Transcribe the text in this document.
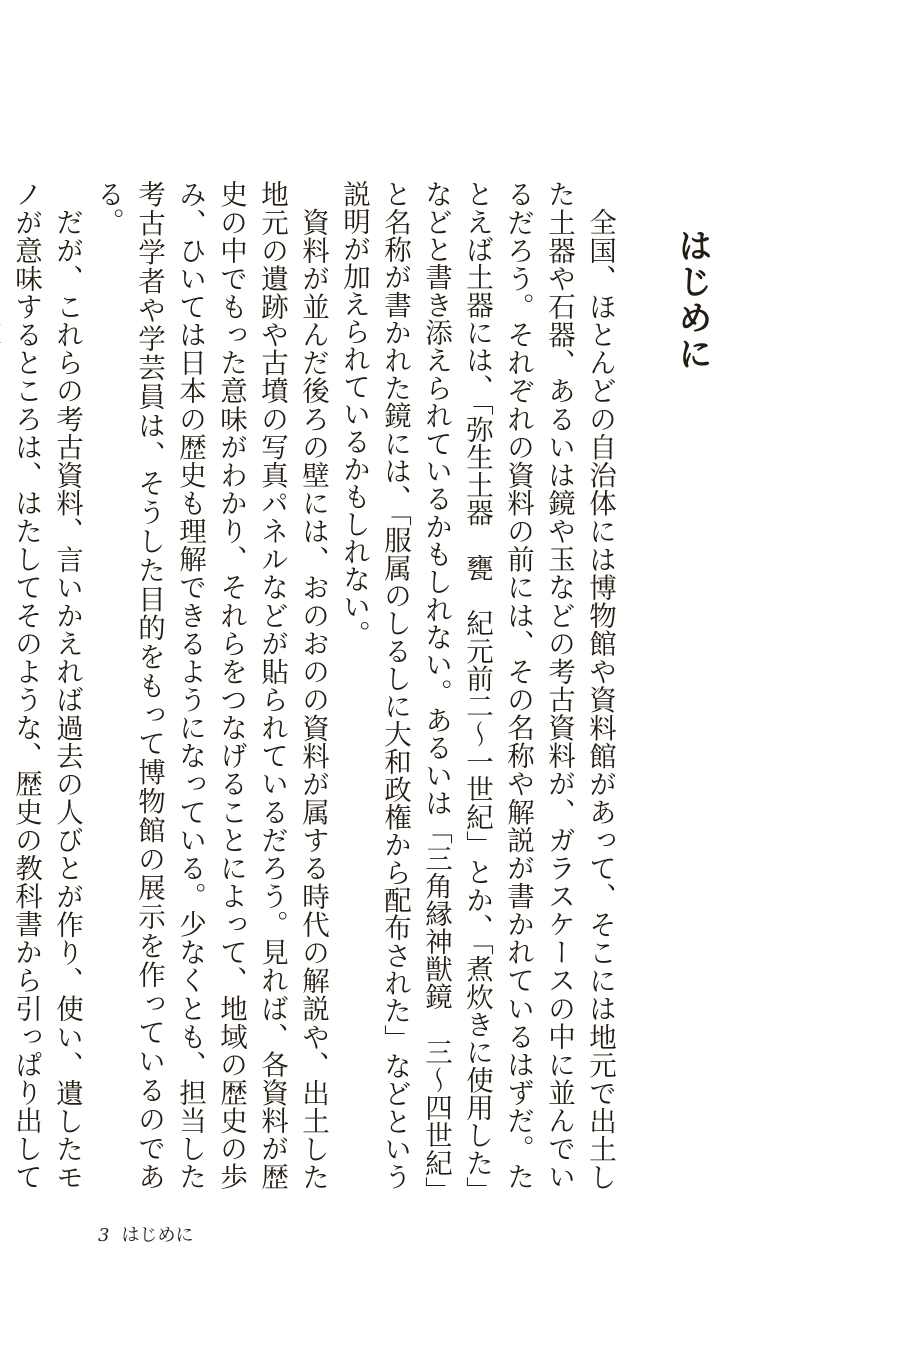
はじめに

全国、ほとんどの自治体には博物館や資料館があって、そこには地元で出土した土器や石器、あるいは鏡や玉などの考古資料が、ガラスケースの中に並んでいるだろう。それぞれの資料の前には、その名称や解説が書かれているはずだ。たとえば土器には、「弥生土器　甕　紀元前二～一世紀」とか、「煮炊きに使用した」などと書き添えられているかもしれない。あるいは「三角縁神獣鏡　三～四世紀」と名称が書かれた鏡には、「服属のしるしに大和政権から配布された」などという説明が加えられているかもしれない。

資料が並んだ後ろの壁には、おのおのの資料が属する時代の解説や、出土した地元の遺跡や古墳の写真パネルなどが貼られているだろう。見れば、各資料が歴史の中でもった意味がわかり、それらをつなげることによって、地域の歴史の歩み、ひいては日本の歴史も理解できるようになっている。少なくとも、担当した考古学者や学芸員は、そうした目的をもって博物館の展示を作っているのである。

だが、これらの考古資料、言いかえれば過去の人びとが作り、使い、遺したモノが意味するところは、はたしてそのような、歴史の教科書から引っぱり出して

3 はじめに
